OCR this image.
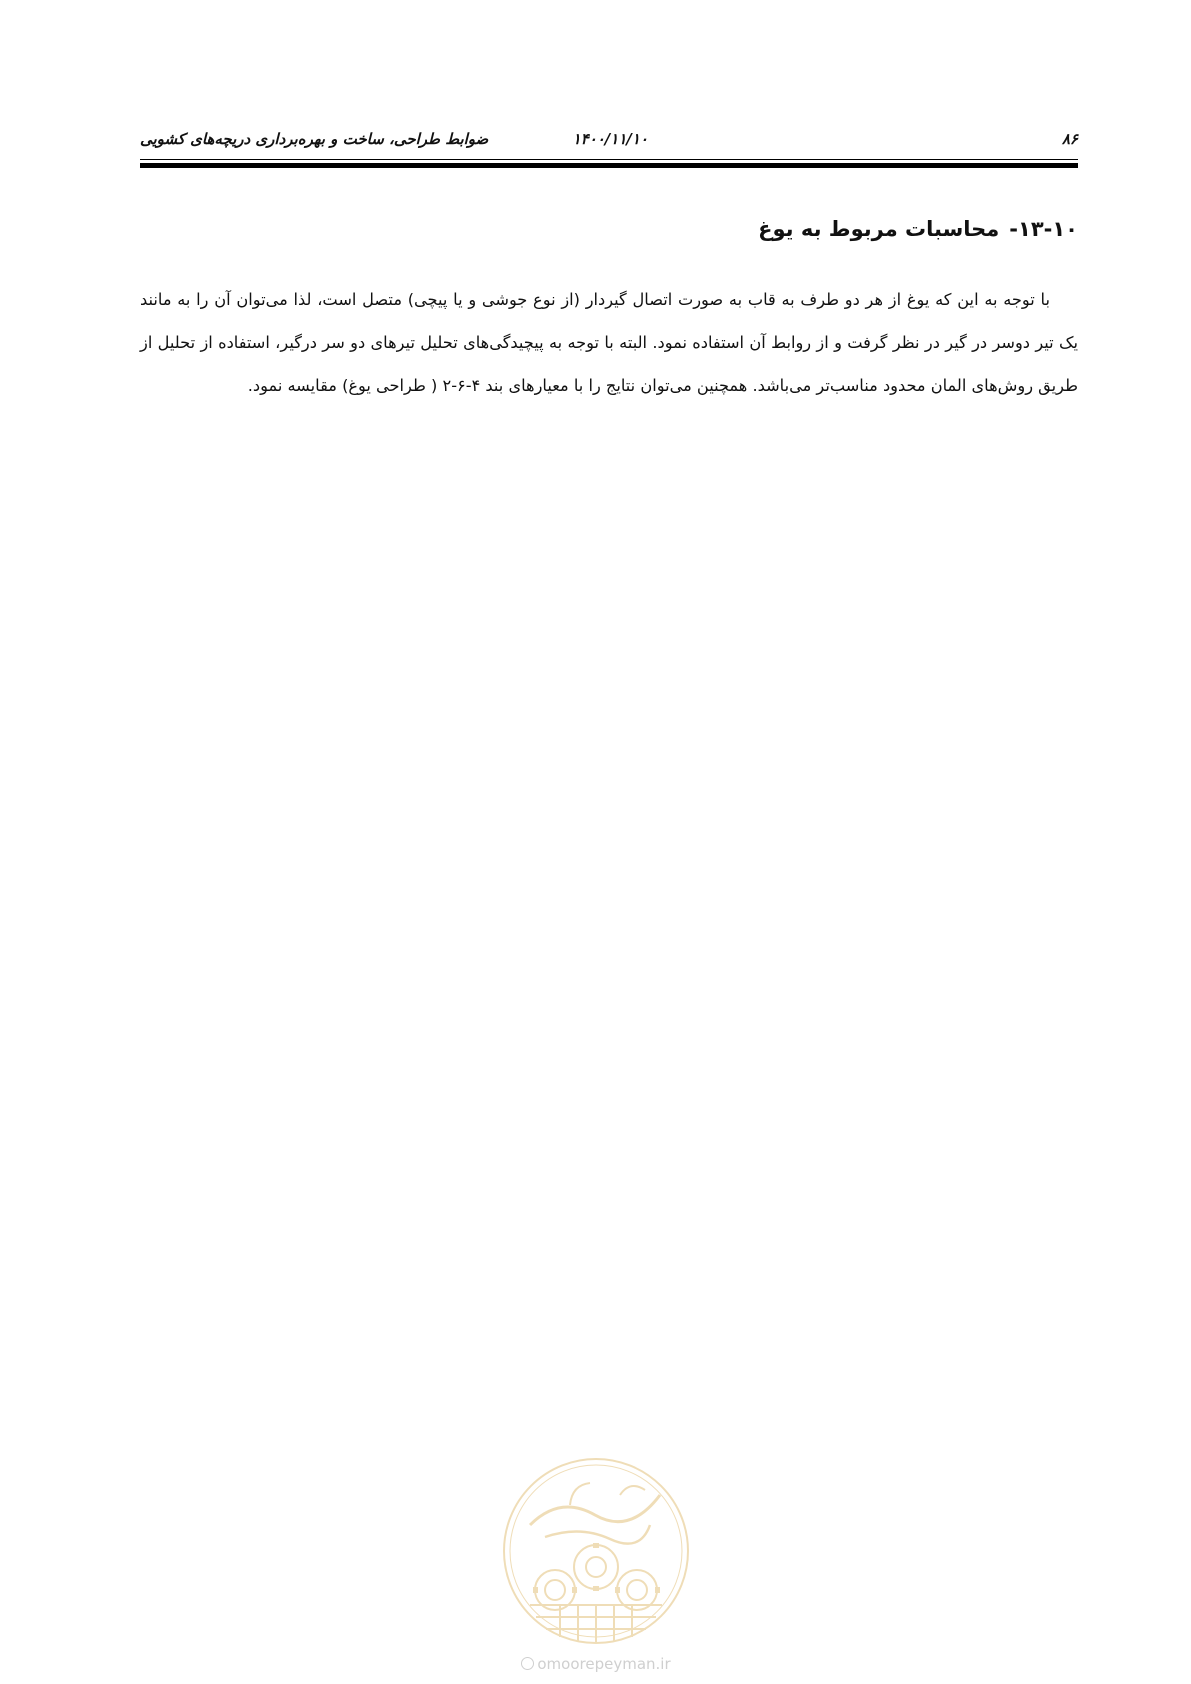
۸۶
۱۴۰۰/۱۱/۱۰
ضوابط طراحی، ساخت و بهره‌برداری دریچه‌های کشویی
۱۳-۱۰-محاسبات مربوط به یوغ

با توجه به این که یوغ از هر دو طرف به قاب به صورت اتصال گیردار (از نوع جوشی و یا پیچی) متصل است، لذا می‌توان آن را به مانند یک تیر دوسر در گیر در نظر گرفت و از روابط آن استفاده نمود. البته با توجه به پیچیدگی‌های تحلیل تیرهای دو سر درگیر، استفاده از تحلیل از طریق روش‌های المان محدود مناسب‌تر می‌باشد. همچنین می‌توان نتایج را با معیارهای بند ۴-۶-۲ ( طراحی یوغ) مقایسه نمود.

omoorepeyman.ir
